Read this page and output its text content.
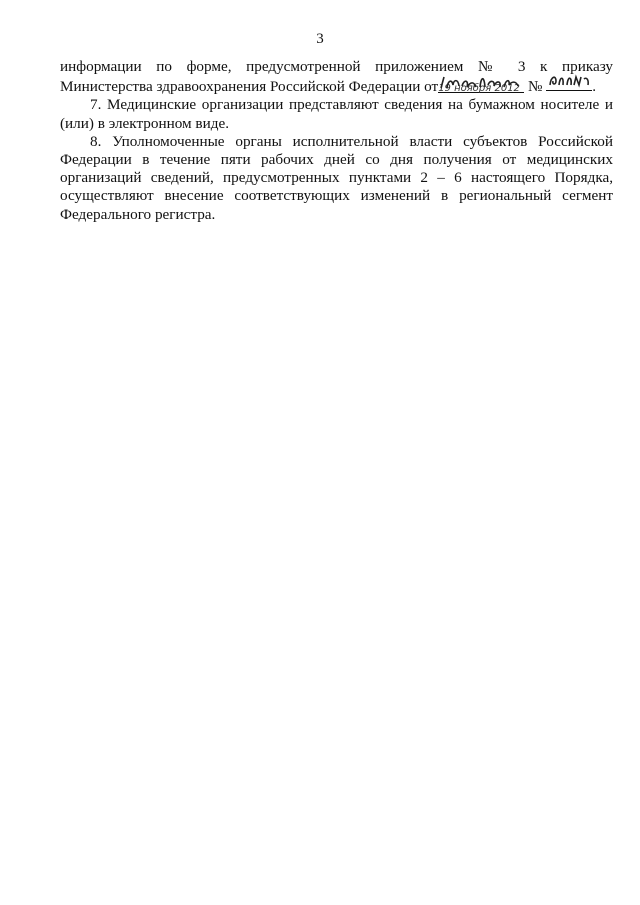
3

информации по форме, предусмотренной приложением № 3 к приказу

Министерства здравоохранения Российской Федерации от
19 ноября 2012 №	.

7. Медицинские организации представляют сведения на бумажном носителе и (или) в электронном виде.

8. Уполномоченные органы исполнительной власти субъектов Российской Федерации в течение пяти рабочих дней со дня получения от медицинских организаций сведений, предусмотренных пунктами 2 – 6 настоящего Порядка, осуществляют внесение соответствующих изменений в региональный сегмент Федерального регистра.
